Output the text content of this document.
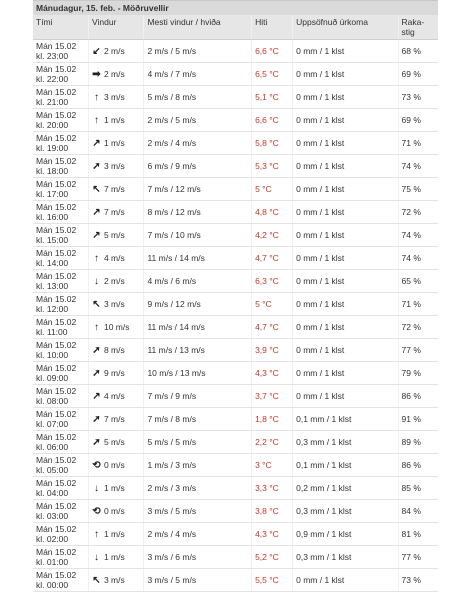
Mánudagur, 15. feb. - Möðruvellir
Tími	Vindur	Mesti vindur / hviða	Hiti	Uppsöfnuð úrkoma	Raka-
stig
Mán 15.02
kl. 23:00	↙ 2 m/s	2 m/s / 5 m/s	6,6 °C	0 mm / 1 klst	68 %
Mán 15.02
kl. 22:00	➡ 2 m/s	4 m/s / 7 m/s	6,5 °C	0 mm / 1 klst	69 %
Mán 15.02
kl. 21:00	↑ 3 m/s	5 m/s / 8 m/s	5,1 °C	0 mm / 1 klst	73 %
Mán 15.02
kl. 20:00	↑ 1 m/s	2 m/s / 5 m/s	6,6 °C	0 mm / 1 klst	69 %
Mán 15.02
kl. 19:00	↗ 1 m/s	2 m/s / 4 m/s	5,8 °C	0 mm / 1 klst	71 %
Mán 15.02
kl. 18:00	➚ 3 m/s	6 m/s / 9 m/s	5,3 °C	0 mm / 1 klst	74 %
Mán 15.02
kl. 17:00	↖ 7 m/s	7 m/s / 12 m/s	5 °C	0 mm / 1 klst	75 %
Mán 15.02
kl. 16:00	↗ 7 m/s	8 m/s / 12 m/s	4,8 °C	0 mm / 1 klst	72 %
Mán 15.02
kl. 15:00	↗ 5 m/s	7 m/s / 10 m/s	4,2 °C	0 mm / 1 klst	74 %
Mán 15.02
kl. 14:00	↑ 4 m/s	11 m/s / 14 m/s	4,7 °C	0 mm / 1 klst	74 %
Mán 15.02
kl. 13:00	↓ 2 m/s	4 m/s / 6 m/s	6,3 °C	0 mm / 1 klst	65 %
Mán 15.02
kl. 12:00	↖ 3 m/s	9 m/s / 12 m/s	5 °C	0 mm / 1 klst	71 %
Mán 15.02
kl. 11:00	↑ 10 m/s	11 m/s / 14 m/s	4,7 °C	0 mm / 1 klst	72 %
Mán 15.02
kl. 10:00	➚ 8 m/s	11 m/s / 13 m/s	3,9 °C	0 mm / 1 klst	77 %
Mán 15.02
kl. 09:00	➚ 9 m/s	10 m/s / 13 m/s	4,3 °C	0 mm / 1 klst	79 %
Mán 15.02
kl. 08:00	↗ 4 m/s	7 m/s / 9 m/s	3,7 °C	0 mm / 1 klst	86 %
Mán 15.02
kl. 07:00	➚ 7 m/s	7 m/s / 8 m/s	1,8 °C	0,1 mm / 1 klst	91 %
Mán 15.02
kl. 06:00	➚ 5 m/s	5 m/s / 5 m/s	2,2 °C	0,3 mm / 1 klst	89 %
Mán 15.02
kl. 05:00	⟲ 0 m/s	1 m/s / 3 m/s	3 °C	0,1 mm / 1 klst	86 %
Mán 15.02
kl. 04:00	↓ 1 m/s	2 m/s / 3 m/s	3,3 °C	0,2 mm / 1 klst	85 %
Mán 15.02
kl. 03:00	⟲ 0 m/s	3 m/s / 5 m/s	3,8 °C	0,3 mm / 1 klst	84 %
Mán 15.02
kl. 02:00	↑ 1 m/s	2 m/s / 4 m/s	4,3 °C	0,9 mm / 1 klst	81 %
Mán 15.02
kl. 01:00	↓ 1 m/s	3 m/s / 6 m/s	5,2 °C	0,3 mm / 1 klst	77 %
Mán 15.02
kl. 00:00	↖ 3 m/s	3 m/s / 5 m/s	5,5 °C	0 mm / 1 klst	73 %
